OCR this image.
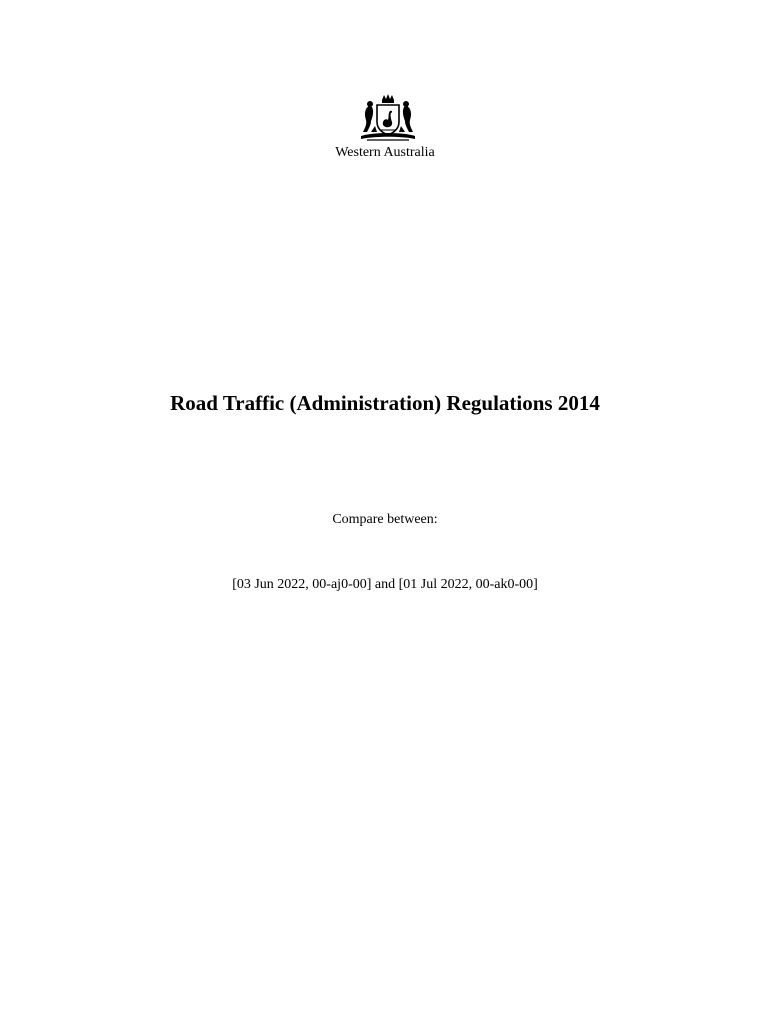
Western Australia
Road Traffic (Administration) Regulations 2014
Compare between:
[03 Jun 2022, 00-aj0-00] and [01 Jul 2022, 00-ak0-00]
